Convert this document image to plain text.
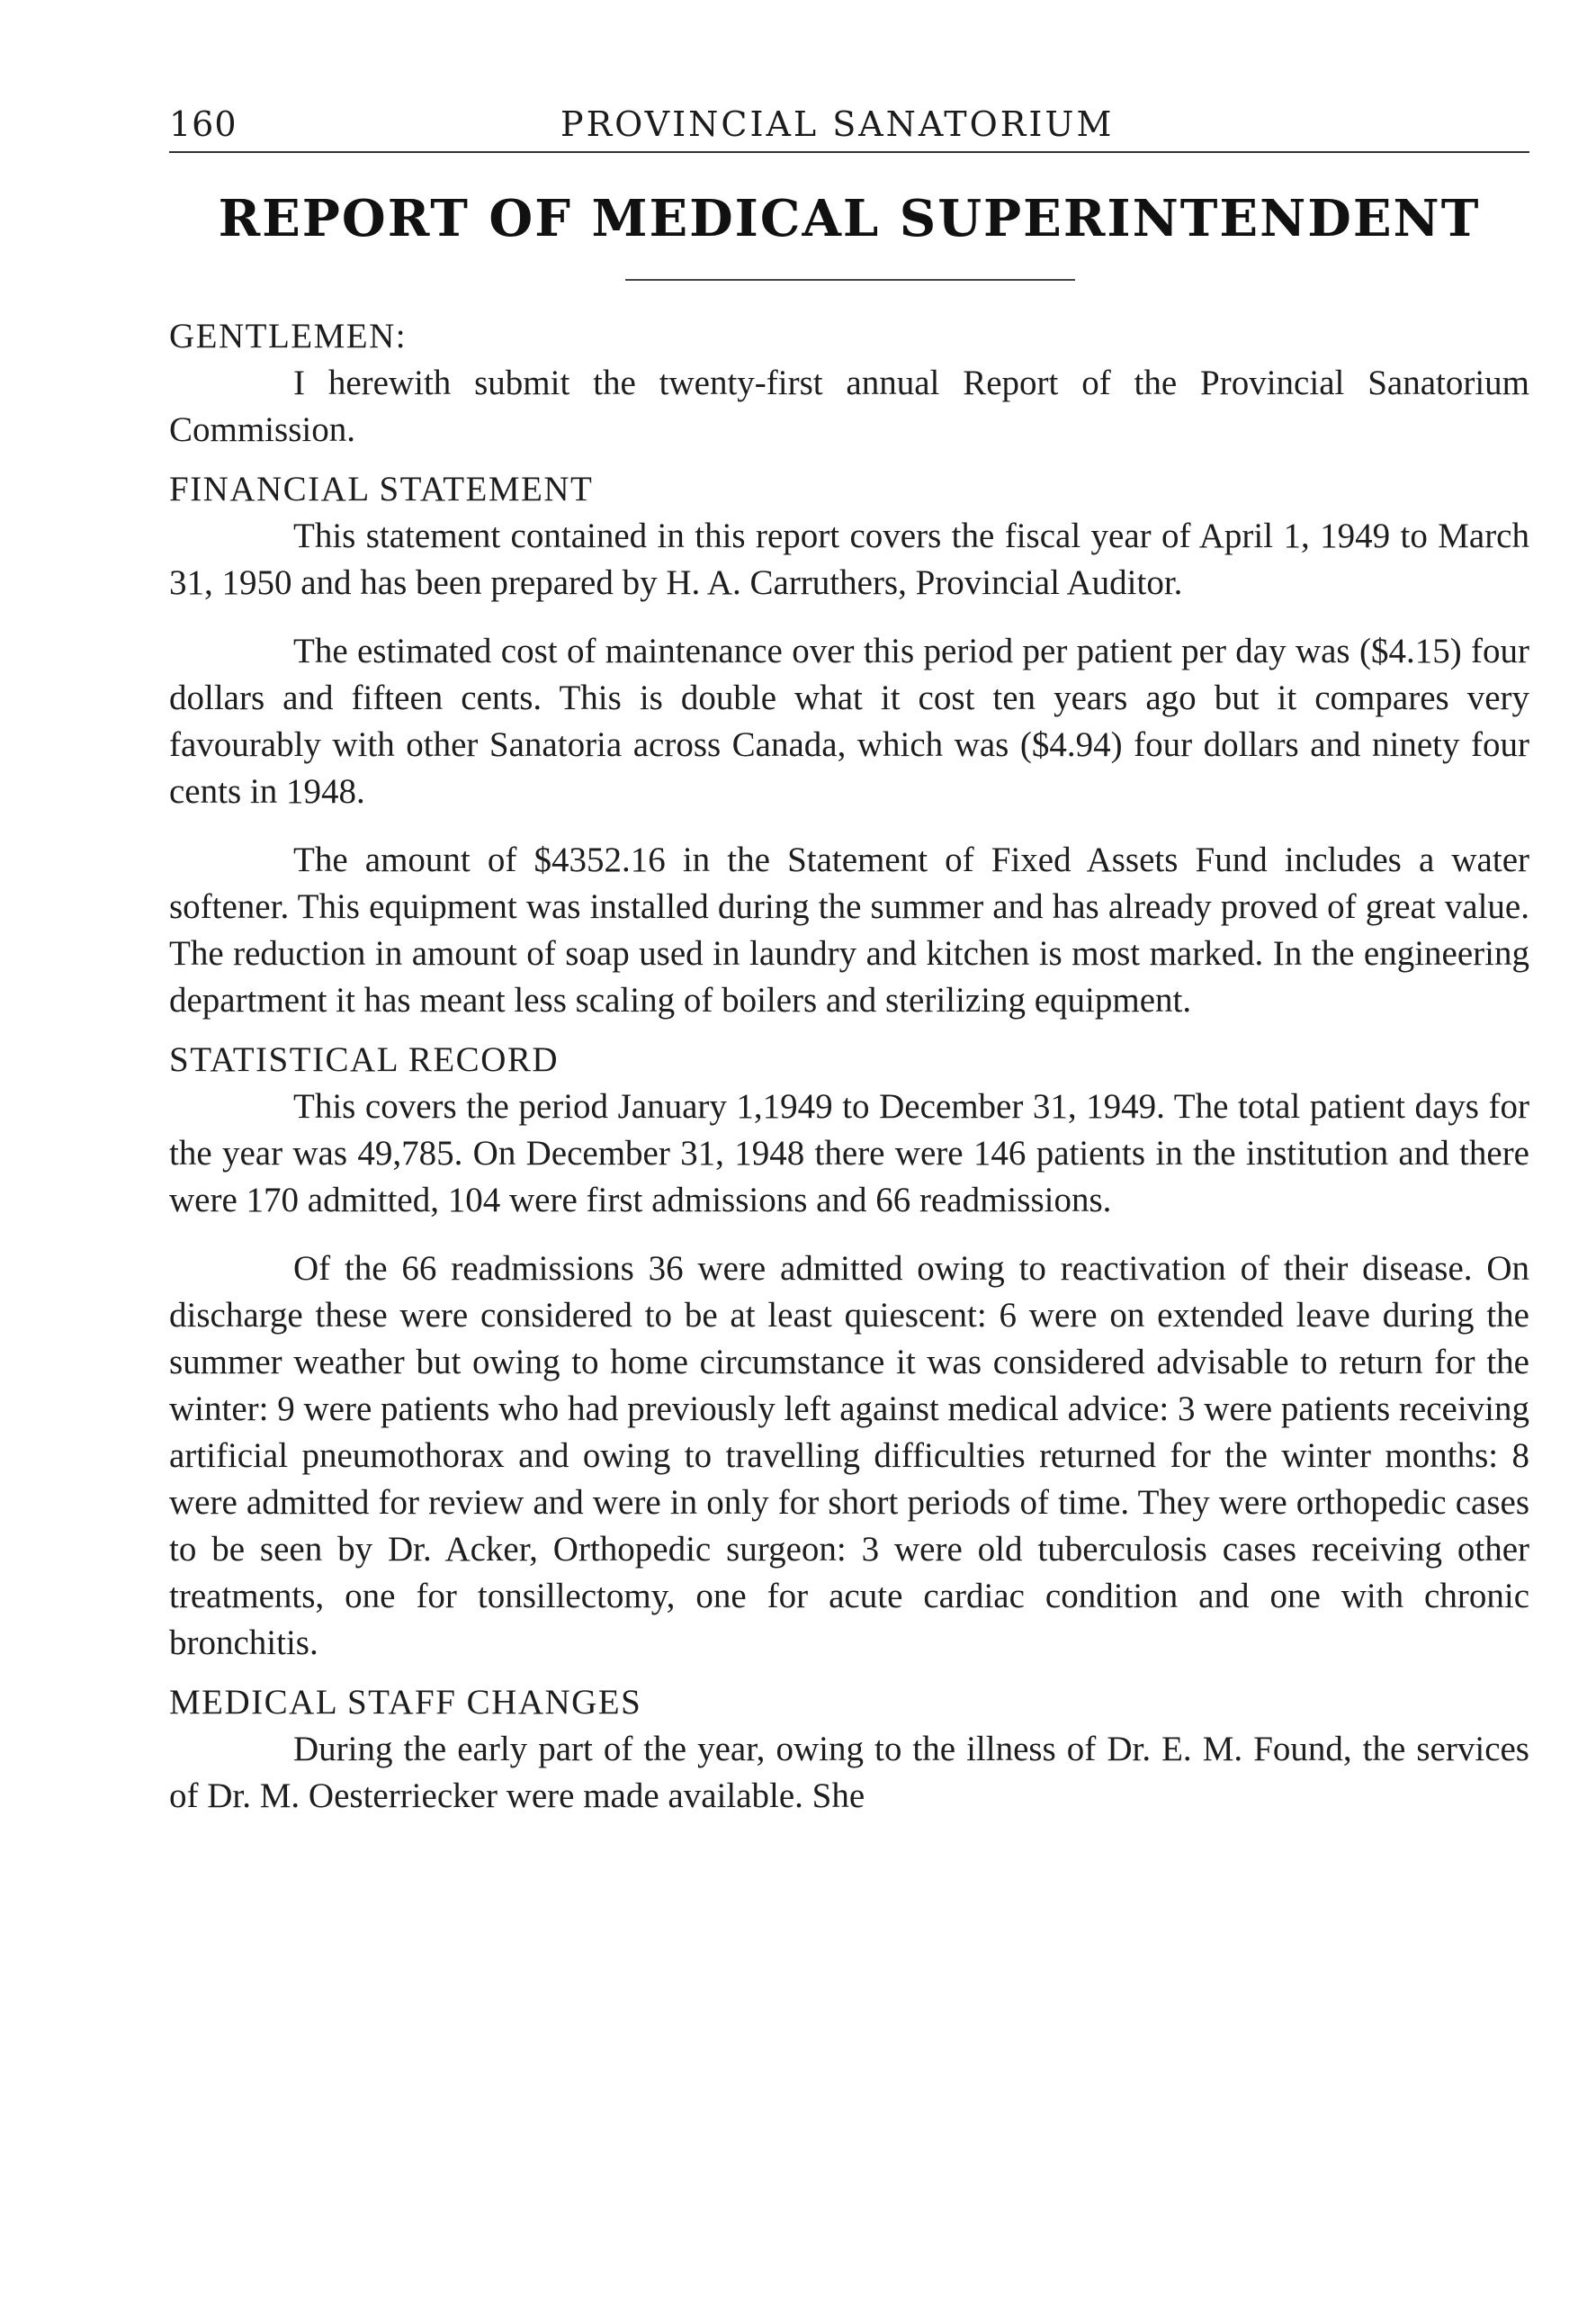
160	PROVINCIAL SANATORIUM
REPORT OF MEDICAL SUPERINTENDENT

GENTLEMEN:

I herewith submit the twenty-first annual Report of the Provincial Sanatorium Commission.

FINANCIAL STATEMENT

This statement contained in this report covers the fiscal year of April 1, 1949 to March 31, 1950 and has been prepared by H. A. Carruthers, Provincial Auditor.

The estimated cost of maintenance over this period per patient per day was ($4.15) four dollars and fifteen cents. This is double what it cost ten years ago but it compares very favourably with other Sanatoria across Canada, which was ($4.94) four dollars and ninety four cents in 1948.

The amount of $4352.16 in the Statement of Fixed Assets Fund includes a water softener. This equipment was installed during the summer and has already proved of great value. The reduction in amount of soap used in laundry and kitchen is most marked. In the engineering department it has meant less scaling of boilers and sterilizing equipment.

STATISTICAL RECORD

This covers the period January 1,1949 to December 31, 1949. The total patient days for the year was 49,785. On December 31, 1948 there were 146 patients in the institution and there were 170 admitted, 104 were first admissions and 66 readmissions.

Of the 66 readmissions 36 were admitted owing to reactivation of their disease. On discharge these were considered to be at least quiescent: 6 were on extended leave during the summer weather but owing to home circumstance it was considered advisable to return for the winter: 9 were patients who had previously left against medical advice: 3 were patients receiving artificial pneumothorax and owing to travelling difficulties returned for the winter months: 8 were admitted for review and were in only for short periods of time. They were orthopedic cases to be seen by Dr. Acker, Orthopedic surgeon: 3 were old tuberculosis cases receiving other treatments, one for tonsillectomy, one for acute cardiac condition and one with chronic bronchitis.

MEDICAL STAFF CHANGES

During the early part of the year, owing to the illness of Dr. E. M. Found, the services of Dr. M. Oesterriecker were made available. She
